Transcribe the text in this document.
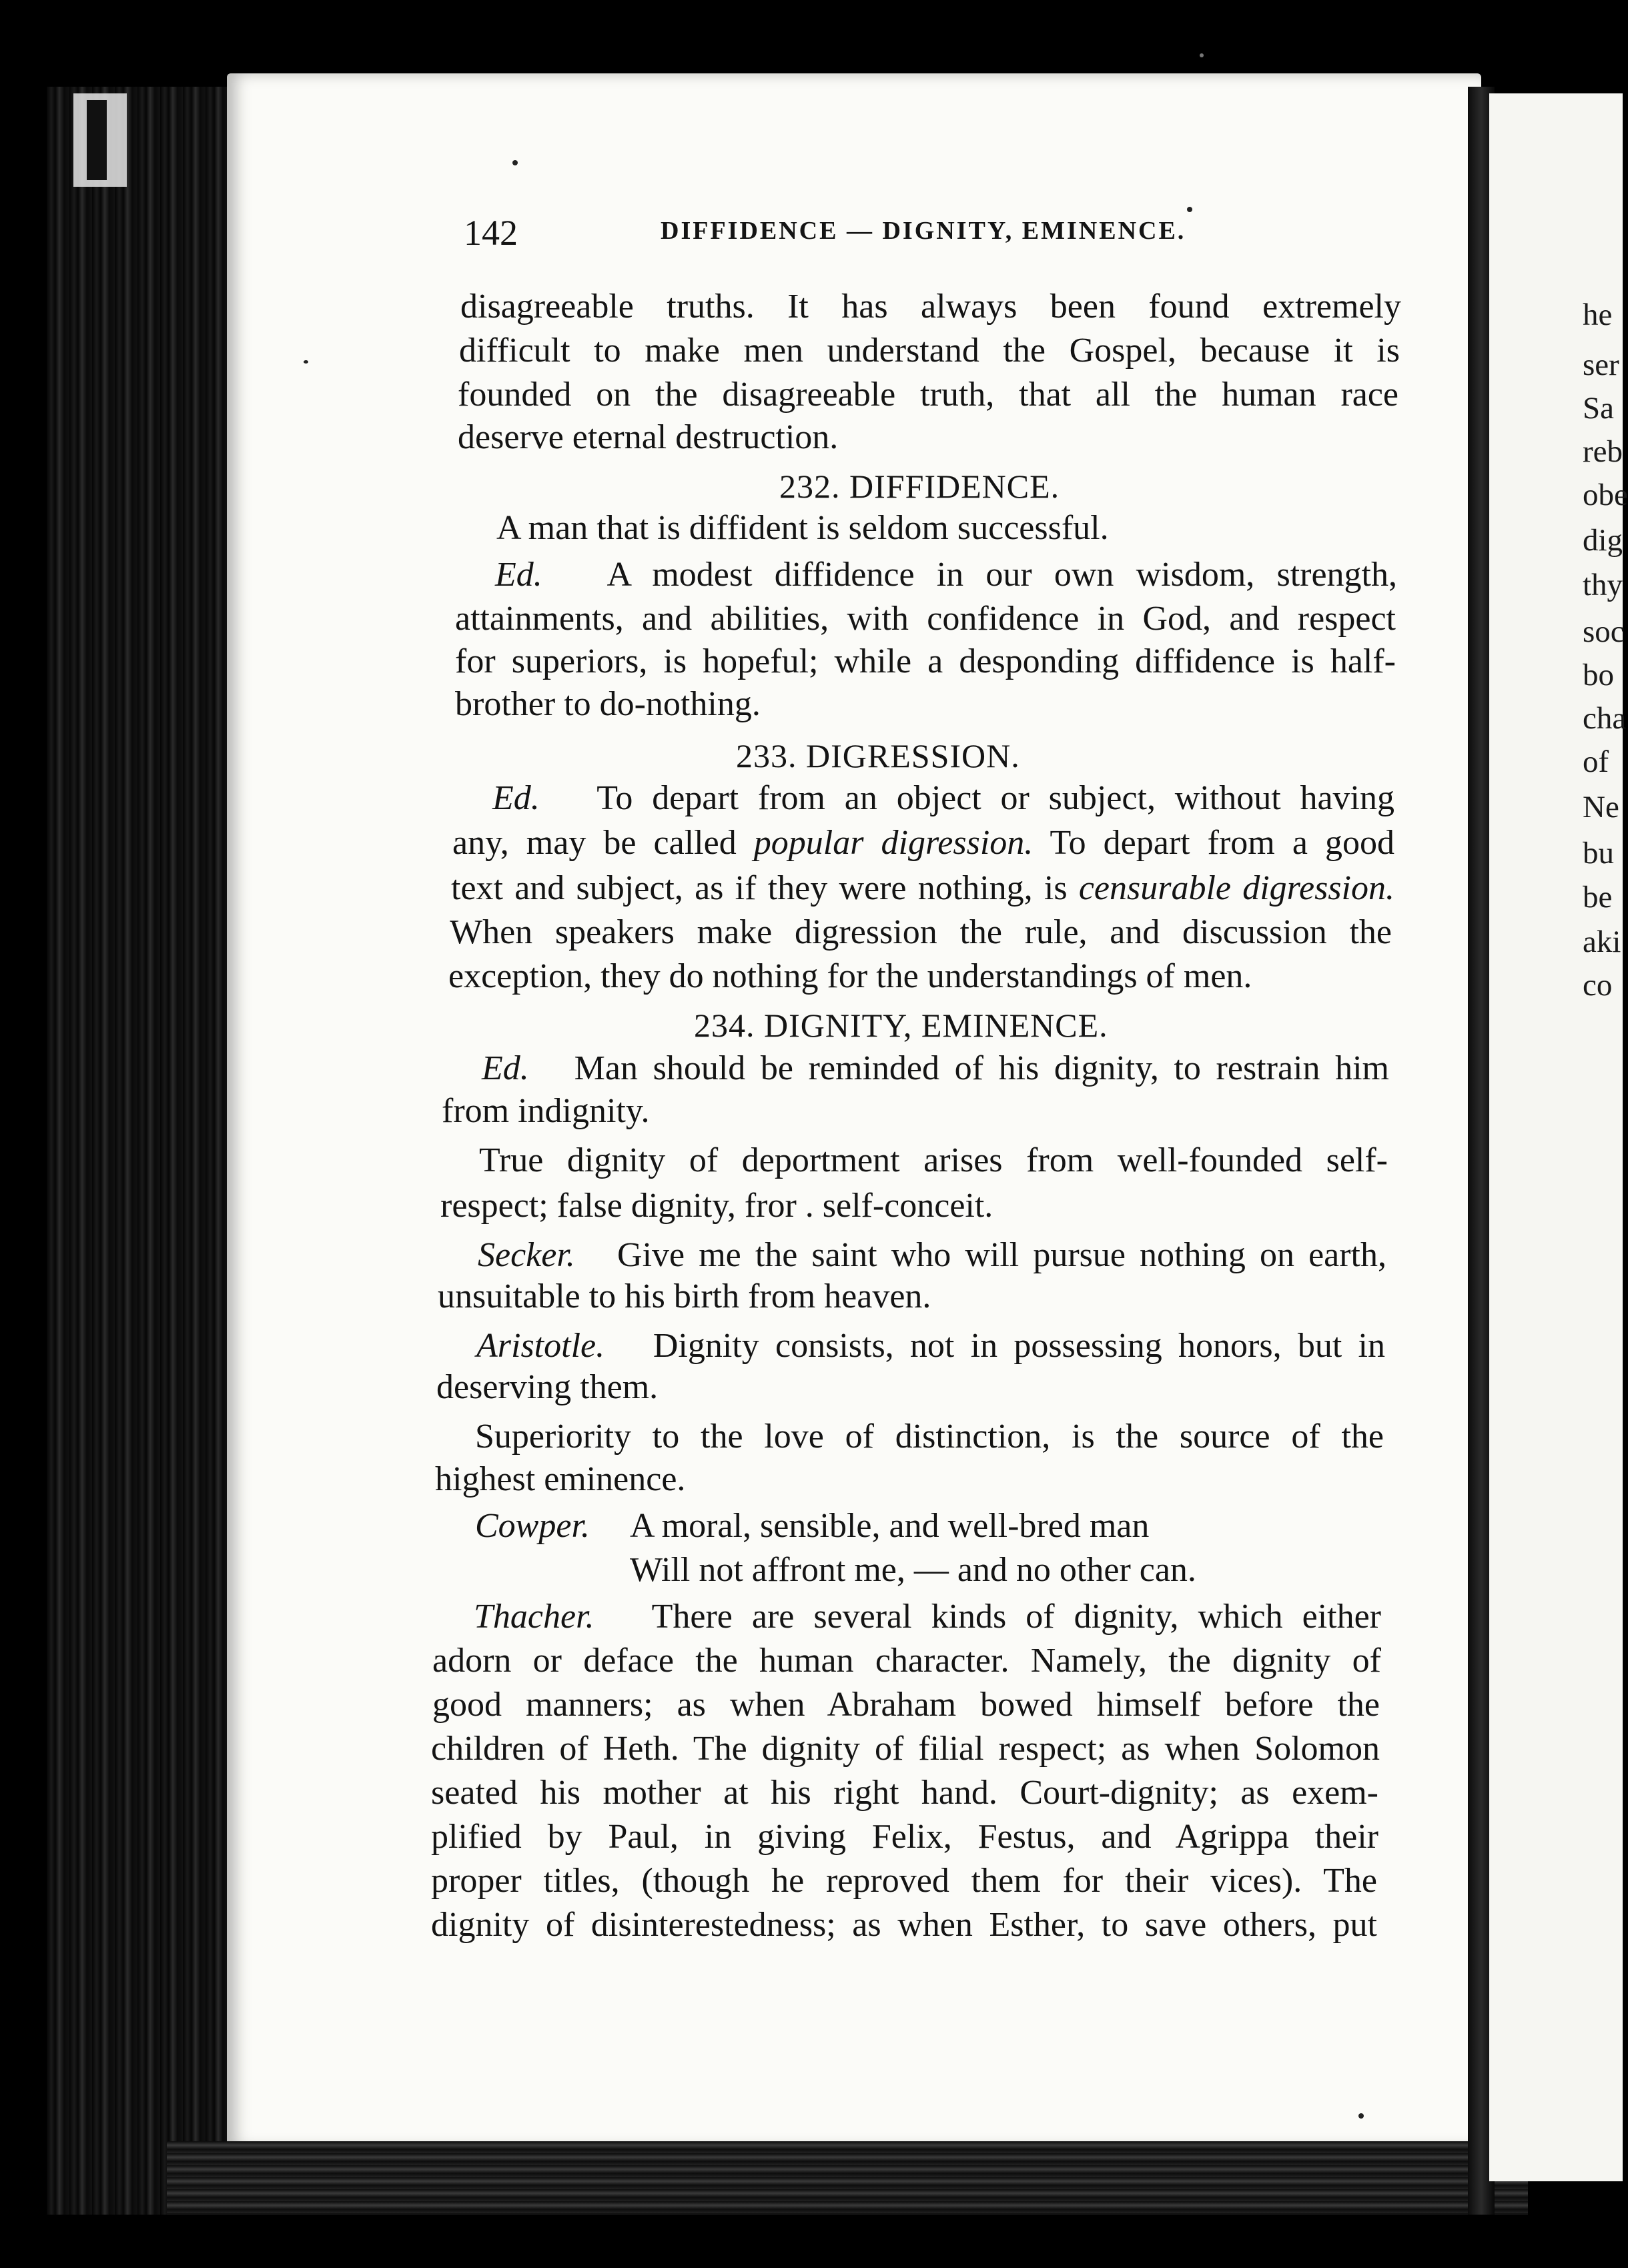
he
ser
Sa
reb
obe
dig
thy
soc
bo
cha
of
Ne
bu
be
aki
co
142	DIFFIDENCE — DIGNITY, EMINENCE.
disagreeable truths. It has always been found extremely
difficult to make men understand the Gospel, because it is
founded on the disagreeable truth, that all the human race
deserve eternal destruction.
232. DIFFIDENCE.
A man that is diffident is seldom successful.
Ed. A modest diffidence in our own wisdom, strength,
attainments, and abilities, with confidence in God, and respect
for superiors, is hopeful; while a desponding diffidence is half-
brother to do-nothing.
233. DIGRESSION.
Ed. To depart from an object or subject, without having
any, may be called popular digression. To depart from a good
text and subject, as if they were nothing, is censurable digression.
When speakers make digression the rule, and discussion the
exception, they do nothing for the understandings of men.
234. DIGNITY, EMINENCE.
Ed. Man should be reminded of his dignity, to restrain him
from indignity.
True dignity of deportment arises from well-founded self-
respect; false dignity, fror . self-conceit.
Secker. Give me the saint who will pursue nothing on earth,
unsuitable to his birth from heaven.
Aristotle. Dignity consists, not in possessing honors, but in
deserving them.
Superiority to the love of distinction, is the source of the
highest eminence.
Cowper. A moral, sensible, and well-bred man
Will not affront me, — and no other can.
Thacher. There are several kinds of dignity, which either
adorn or deface the human character. Namely, the dignity of
good manners; as when Abraham bowed himself before the
children of Heth. The dignity of filial respect; as when Solomon
seated his mother at his right hand. Court-dignity; as exem-
plified by Paul, in giving Felix, Festus, and Agrippa their
proper titles, (though he reproved them for their vices). The
dignity of disinterestedness; as when Esther, to save others, put
